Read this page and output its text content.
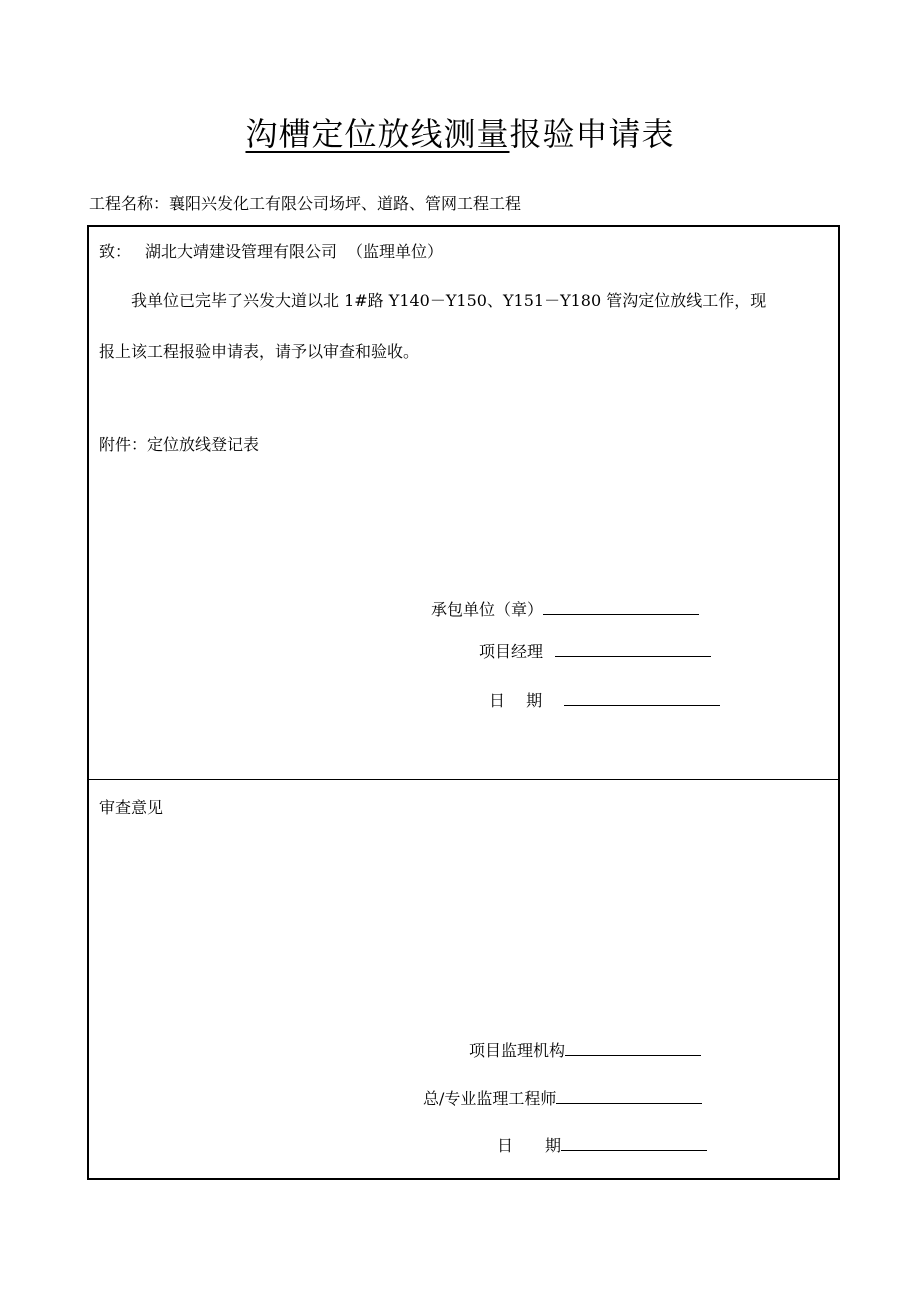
沟槽定位放线测量报验申请表
工程名称：襄阳兴发化工有限公司场坪、道路、管网工程工程
致： 湖北大靖建设管理有限公司 （监理单位）
我单位已完毕了兴发大道以北 1#路 Y140－Y150、Y151－Y180 管沟定位放线工作，现
报上该工程报验申请表，请予以审查和验收。
附件：定位放线登记表
承包单位（章）
项目经理
日　 期
审查意见
项目监理机构
总/专业监理工程师
日　　期
